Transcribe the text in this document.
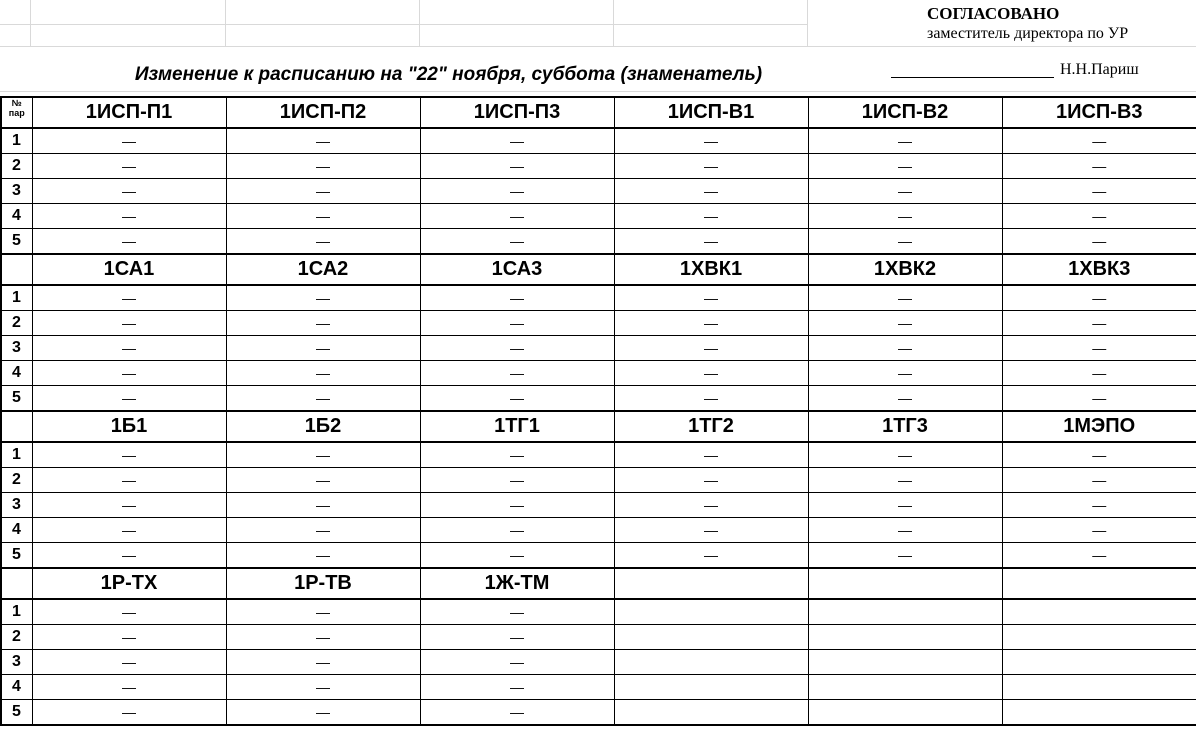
СОГЛАСОВАНО
заместитель директора по УР
Н.Н.Париш
Изменение к расписанию на "22" ноября, суббота (знаменатель)
№
пар	1ИСП-П1	1ИСП-П2	1ИСП-П3	1ИСП-В1	1ИСП-В2	1ИСП-В3
1	—	—	—	—	—	—
2	—	—	—	—	—	—
3	—	—	—	—	—	—
4	—	—	—	—	—	—
5	—	—	—	—	—	—
	1СА1	1СА2	1СА3	1ХВК1	1ХВК2	1ХВК3
1	—	—	—	—	—	—
2	—	—	—	—	—	—
3	—	—	—	—	—	—
4	—	—	—	—	—	—
5	—	—	—	—	—	—
	1Б1	1Б2	1ТГ1	1ТГ2	1ТГ3	1МЭПО
1	—	—	—	—	—	—
2	—	—	—	—	—	—
3	—	—	—	—	—	—
4	—	—	—	—	—	—
5	—	—	—	—	—	—
	1Р-ТХ	1Р-ТВ	1Ж-ТМ			
1	—	—	—			
2	—	—	—			
3	—	—	—			
4	—	—	—			
5	—	—	—			
